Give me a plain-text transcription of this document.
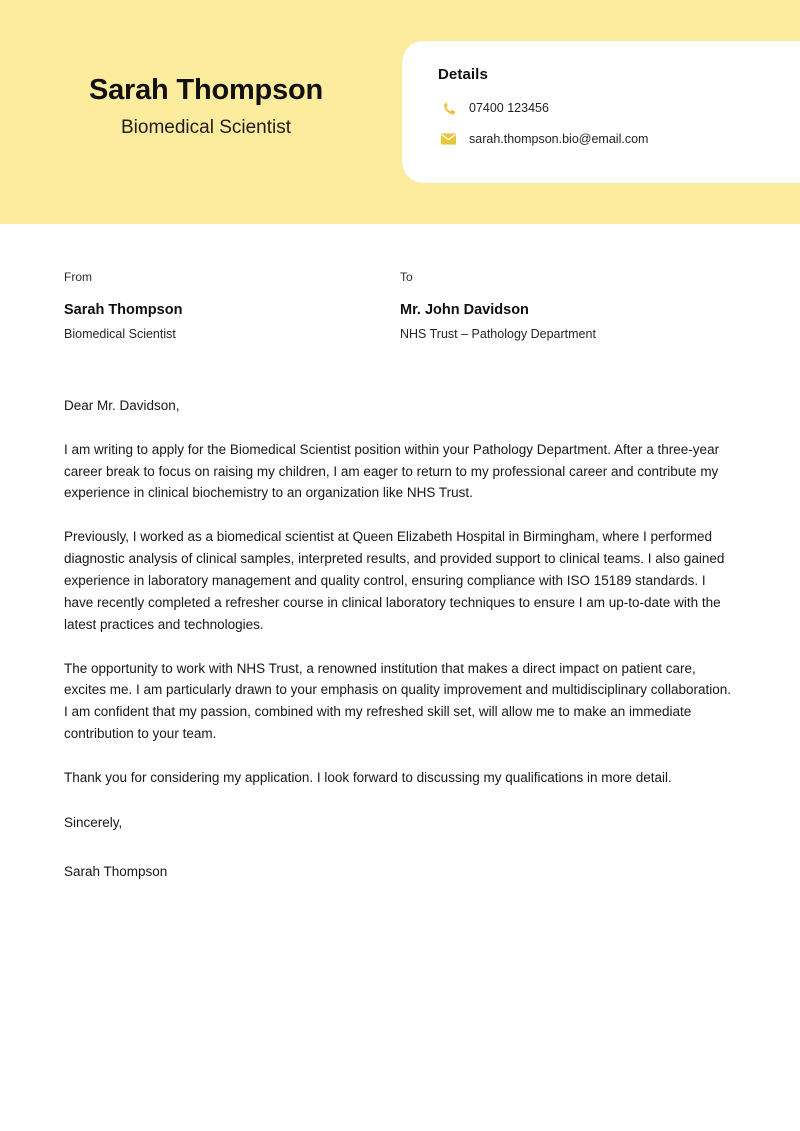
Sarah Thompson

Biomedical Scientist

Details
07400 123456
sarah.thompson.bio@email.com

From

Sarah Thompson

Biomedical Scientist

To

Mr. John Davidson

NHS Trust – Pathology Department

Dear Mr. Davidson,

I am writing to apply for the Biomedical Scientist position within your Pathology Department. After a three-year career break to focus on raising my children, I am eager to return to my professional career and contribute my experience in clinical biochemistry to an organization like NHS Trust.

Previously, I worked as a biomedical scientist at Queen Elizabeth Hospital in Birmingham, where I performed diagnostic analysis of clinical samples, interpreted results, and provided support to clinical teams. I also gained experience in laboratory management and quality control, ensuring compliance with ISO 15189 standards. I have recently completed a refresher course in clinical laboratory techniques to ensure I am up-to-date with the latest practices and technologies.

The opportunity to work with NHS Trust, a renowned institution that makes a direct impact on patient care, excites me. I am particularly drawn to your emphasis on quality improvement and multidisciplinary collaboration. I am confident that my passion, combined with my refreshed skill set, will allow me to make an immediate contribution to your team.

Thank you for considering my application. I look forward to discussing my qualifications in more detail.

Sincerely,

Sarah Thompson
